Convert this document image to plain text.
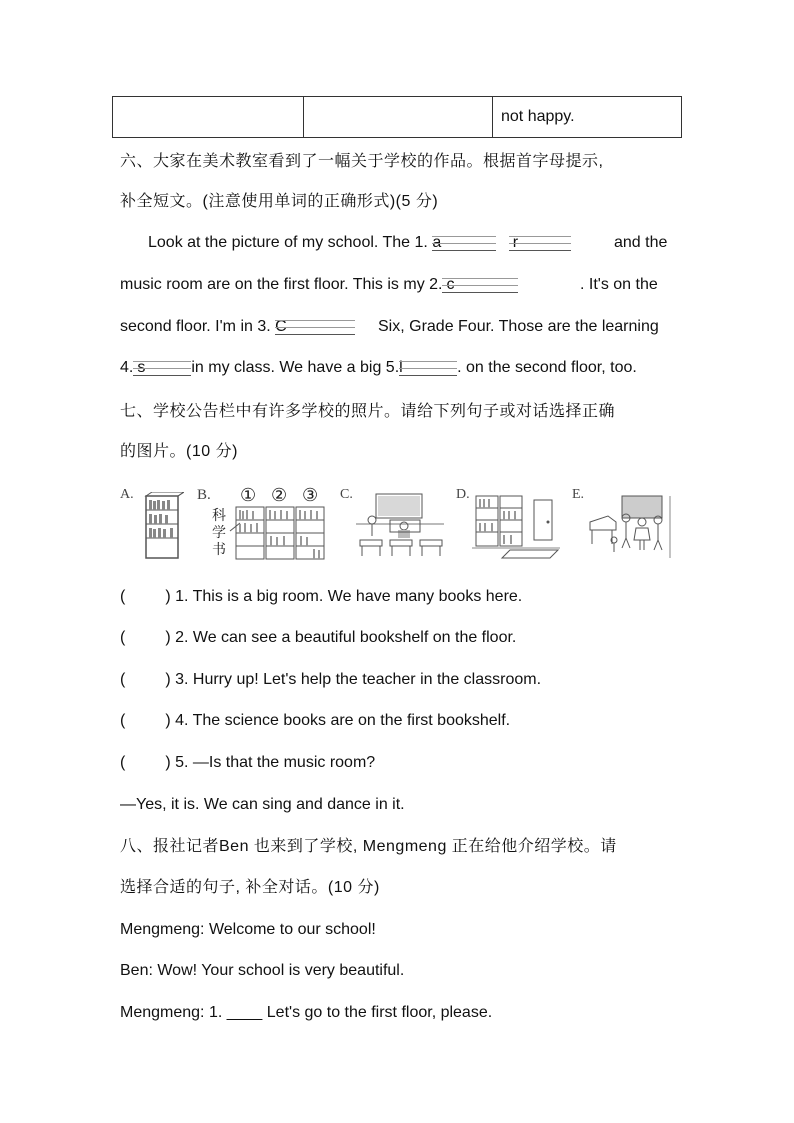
		not happy.
六、大家在美术教室看到了一幅关于学校的作品。根据首字母提示,
补全短文。(注意使用单词的正确形式)(5 分)
Look at the picture of my school. The 1. a
	r	and the
music room are on the first floor. This is my 2. c	. It's on the
second floor. I'm in 3. C	Six, Grade Four. Those are the learning
4. s	in my class. We have a big 5. l	. on the second floor, too.
七、学校公告栏中有许多学校的照片。请给下列句子或对话选择正确
的图片。(10 分)
A.	B. ① ② ③
科
学
书
C.	D.	E.
(	) 1. This is a big room. We have many books here.
(	) 2. We can see a beautiful bookshelf on the floor.
(	) 3. Hurry up! Let's help the teacher in the classroom.
(	) 4. The science books are on the first bookshelf.
(	) 5. —Is that the music room?
—Yes, it is. We can sing and dance in it.
八、报社记者Ben 也来到了学校, Mengmeng 正在给他介绍学校。请
选择合适的句子, 补全对话。(10 分)
Mengmeng: Welcome to our school!
Ben: Wow! Your school is very beautiful.
Mengmeng: 1. ____ Let's go to the first floor, please.
